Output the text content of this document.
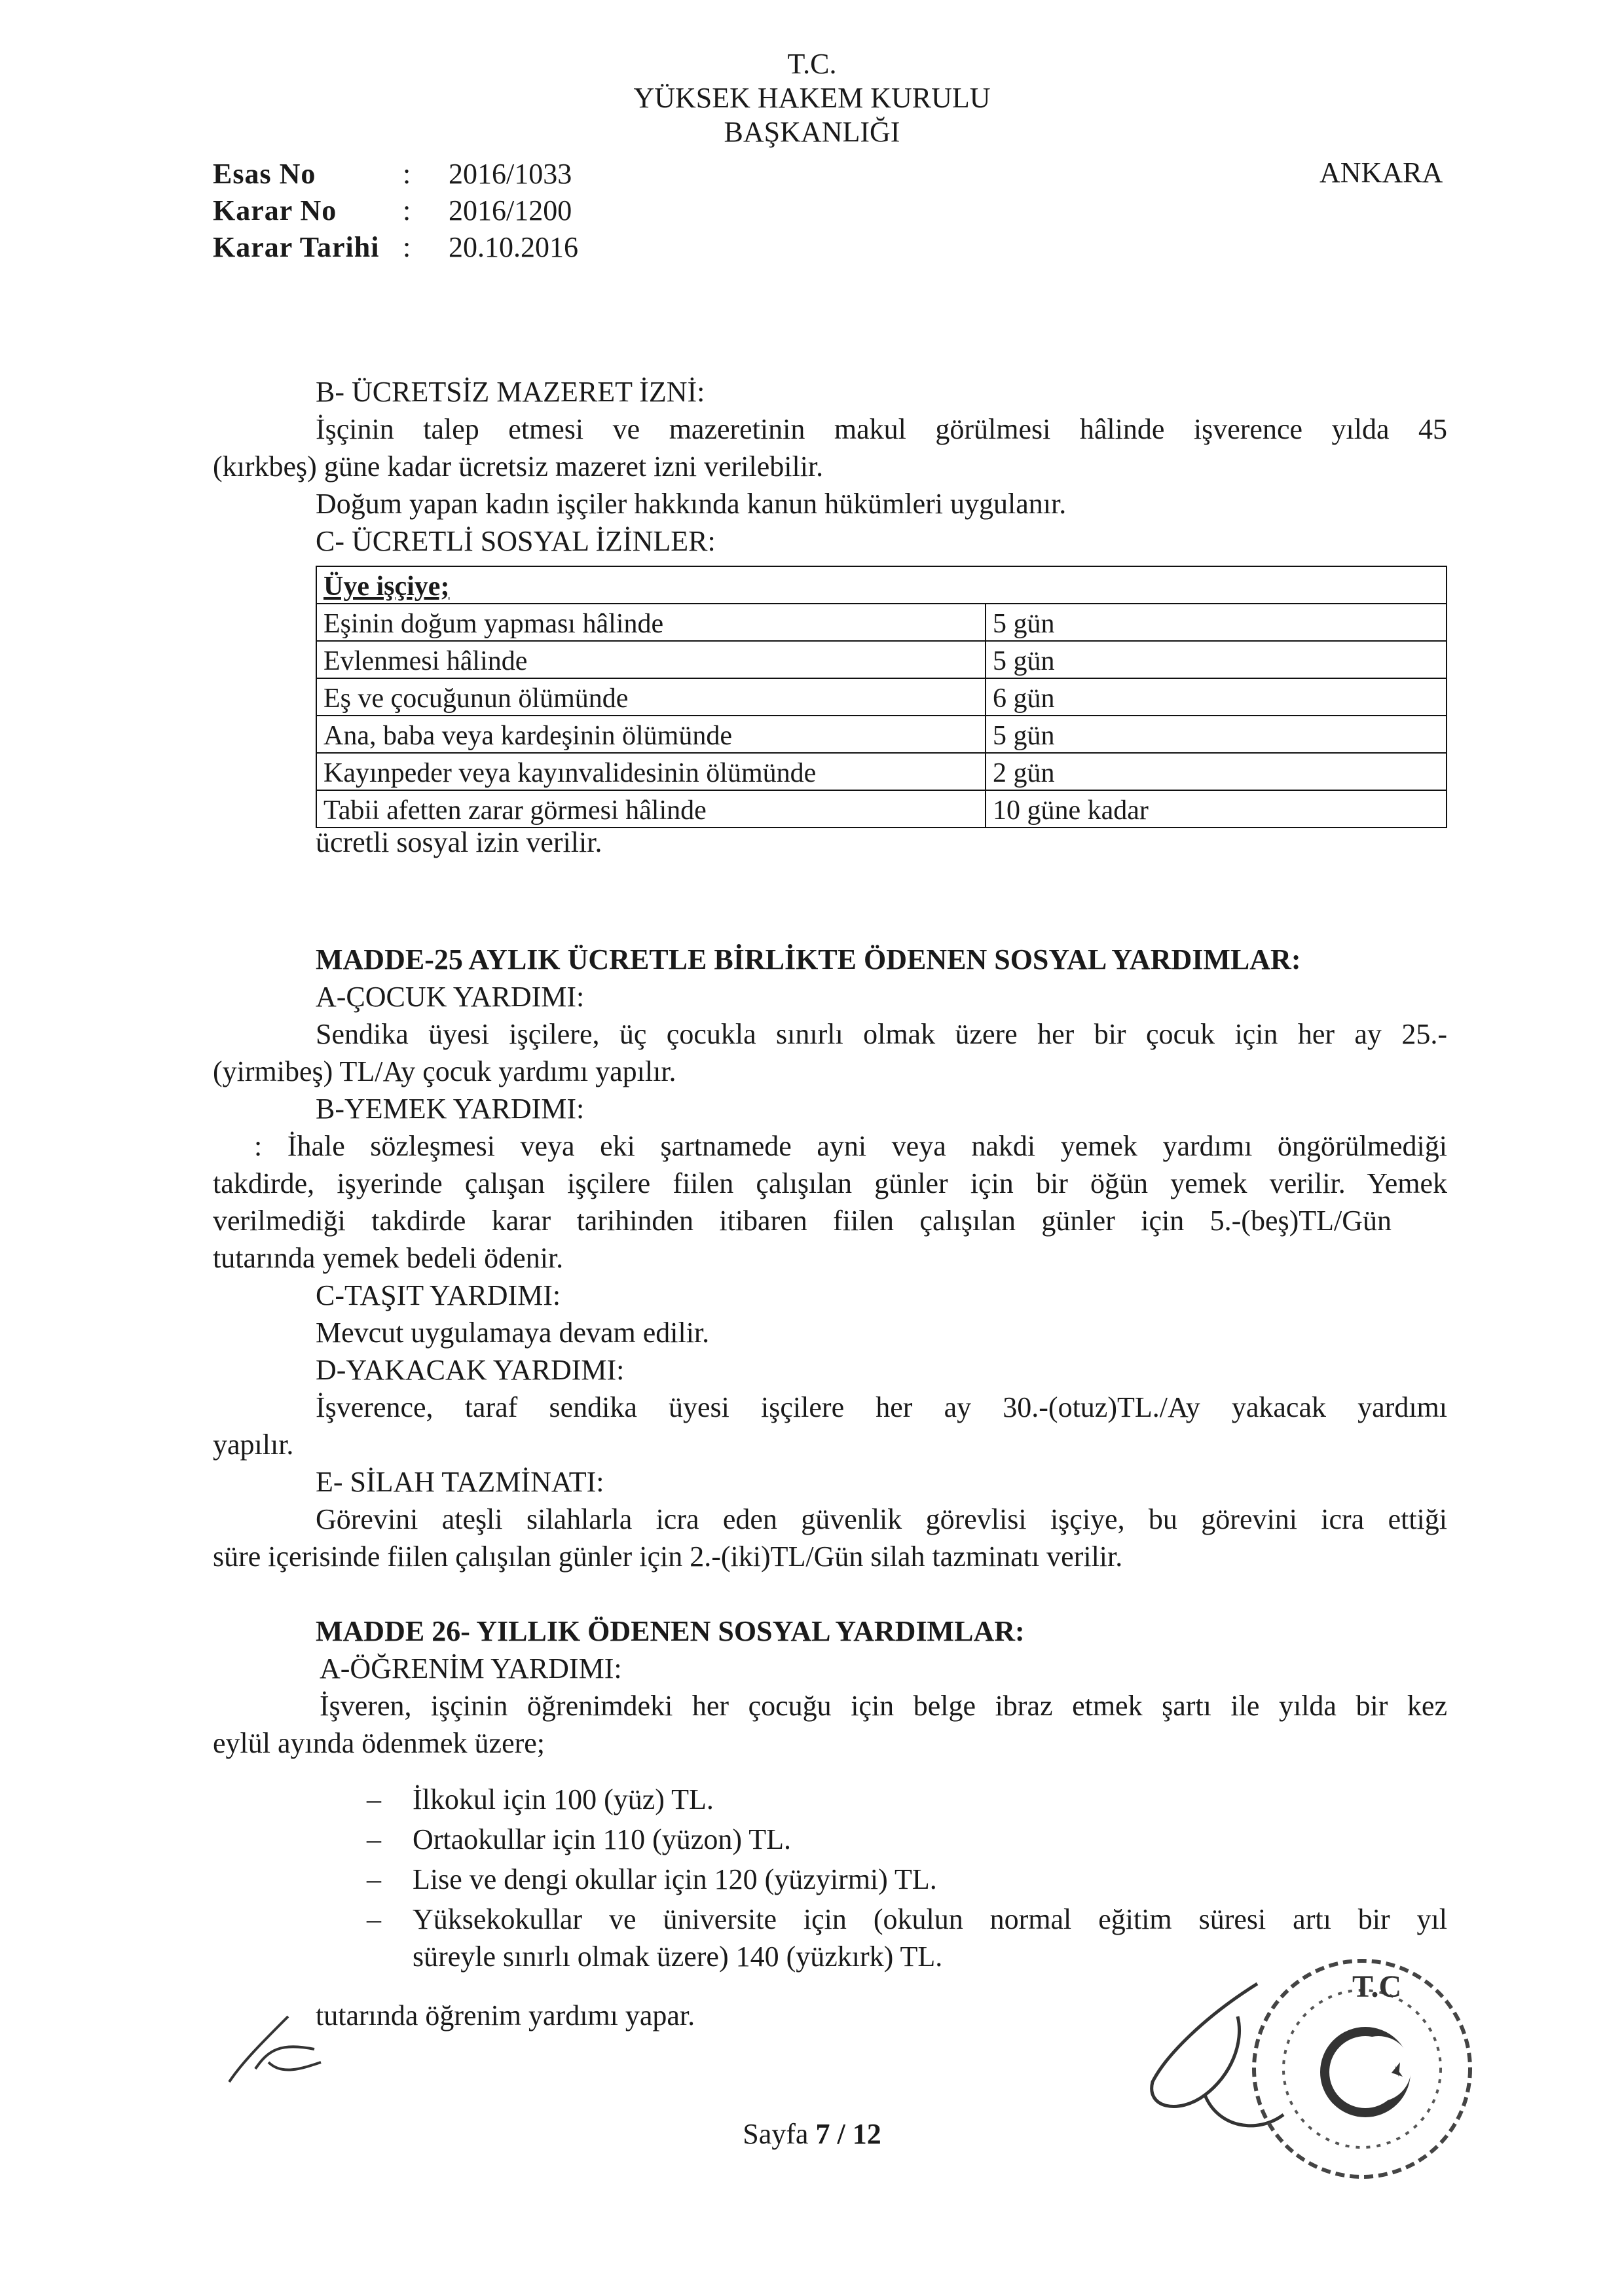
T.C.
YÜKSEK HAKEM KURULU
BAŞKANLIĞI
Esas No	:	2016/1033
Karar No	:	2016/1200
Karar Tarihi :	20.10.2016
ANKARA
B- ÜCRETSİZ MAZERET İZNİ:
İşçinin talep etmesi ve mazeretinin makul görülmesi hâlinde işverence yılda 45
(kırkbeş) güne kadar ücretsiz mazeret izni verilebilir.
Doğum yapan kadın işçiler hakkında kanun hükümleri uygulanır.
C- ÜCRETLİ SOSYAL İZİNLER:
Üye işçiye;	
Eşinin doğum yapması hâlinde	5 gün
Evlenmesi hâlinde	5 gün
Eş ve çocuğunun ölümünde	6 gün
Ana, baba veya kardeşinin ölümünde	5 gün
Kayınpeder veya kayınvalidesinin ölümünde	2 gün
Tabii afetten zarar görmesi hâlinde	10 güne kadar
ücretli sosyal izin verilir.
MADDE-25 AYLIK ÜCRETLE BİRLİKTE ÖDENEN SOSYAL YARDIMLAR:
A-ÇOCUK YARDIMI:
Sendika üyesi işçilere, üç çocukla sınırlı olmak üzere her bir çocuk için her ay 25.-
(yirmibeş) TL/Ay çocuk yardımı yapılır.
B-YEMEK YARDIMI:
: İhale sözleşmesi veya eki şartnamede ayni veya nakdi yemek yardımı öngörülmediği
takdirde, işyerinde çalışan işçilere fiilen çalışılan günler için bir öğün yemek verilir. Yemek
verilmediği takdirde karar tarihinden itibaren fiilen çalışılan günler için 5.-(beş)TL/Gün
tutarında yemek bedeli ödenir.
C-TAŞIT YARDIMI:
Mevcut uygulamaya devam edilir.
D-YAKACAK YARDIMI:
İşverence, taraf sendika üyesi işçilere her ay 30.-(otuz)TL./Ay yakacak yardımı
yapılır.
E- SİLAH TAZMİNATI:
Görevini ateşli silahlarla icra eden güvenlik görevlisi işçiye, bu görevini icra ettiği
süre içerisinde fiilen çalışılan günler için 2.-(iki)TL/Gün silah tazminatı verilir.
MADDE 26- YILLIK ÖDENEN SOSYAL YARDIMLAR:
A-ÖĞRENİM YARDIMI:
İşveren, işçinin öğrenimdeki her çocuğu için belge ibraz etmek şartı ile yılda bir kez
eylül ayında ödenmek üzere;
– İlkokul için 100 (yüz) TL.
– Ortaokullar için 110 (yüzon) TL.
– Lise ve dengi okullar için 120 (yüzyirmi) TL.
– Yüksekokullar ve üniversite için (okulun normal eğitim süresi artı bir yıl
süreyle sınırlı olmak üzere) 140 (yüzkırk) TL.
tutarında öğrenim yardımı yapar.
T.C
Sayfa 7 / 12
